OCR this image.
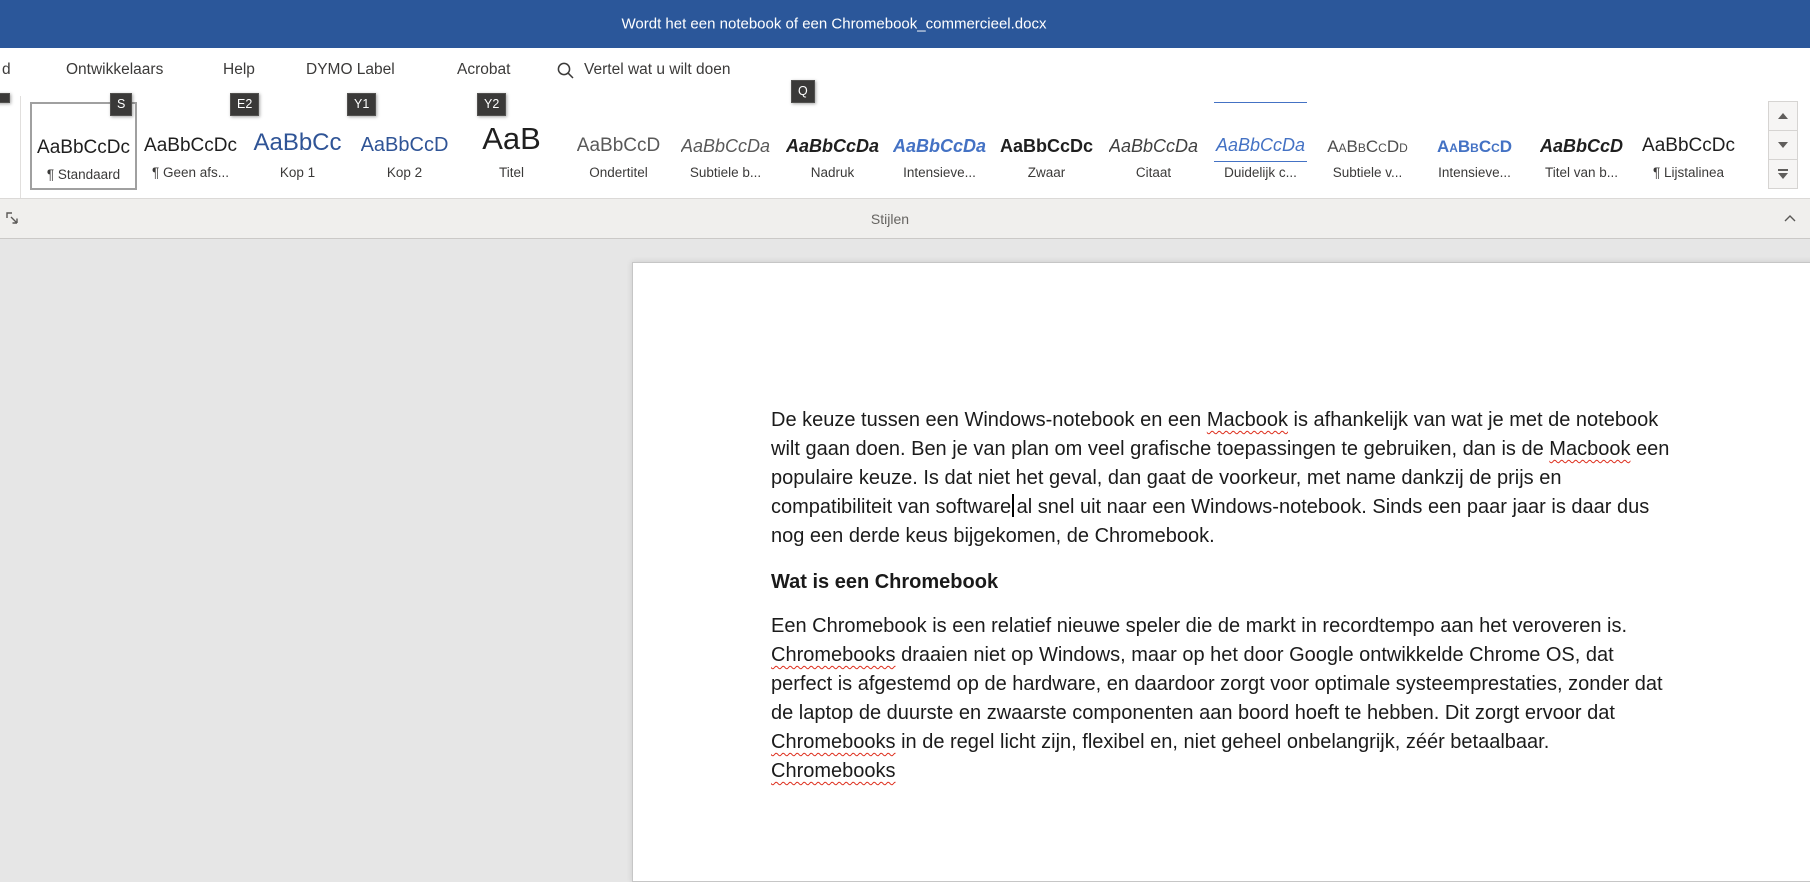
Wordt het een notebook of een Chromebook_commercieel.docx
d	Ontwikkelaars	Help	DYMO Label	Acrobat	Vertel wat u wilt doen
S	E2	Y1	Y2
Q
AaBbCcDc
¶ Standaard
AaBbCcDc
¶ Geen afs...
AaBbCc
Kop 1
AaBbCcD
Kop 2
AaB
Titel
AaBbCcD
Ondertitel
AaBbCcDa
Subtiele b...
AaBbCcDa
Nadruk
AaBbCcDa
Intensieve...
AaBbCcDc
Zwaar
AaBbCcDa
Citaat
AaBbCcDa
Duidelijk c...
AaBbCcDd
Subtiele v...
AaBbCcD
Intensieve...
AaBbCcD
Titel van b...
AaBbCcDc
¶ Lijstalinea
Stijlen
De keuze tussen een Windows-notebook en een Macbook is afhankelijk van wat je met de notebook
wilt gaan doen. Ben je van plan om veel grafische toepassingen te gebruiken, dan is de Macbook een
populaire keuze. Is dat niet het geval, dan gaat de voorkeur, met name dankzij de prijs en
compatibiliteit van software al snel uit naar een Windows-notebook. Sinds een paar jaar is daar dus
nog een derde keus bijgekomen, de Chromebook.
Wat is een Chromebook
Een Chromebook is een relatief nieuwe speler die de markt in recordtempo aan het veroveren is.
Chromebooks draaien niet op Windows, maar op het door Google ontwikkelde Chrome OS, dat
perfect is afgestemd op de hardware, en daardoor zorgt voor optimale systeemprestaties, zonder dat
de laptop de duurste en zwaarste componenten aan boord hoeft te hebben. Dit zorgt ervoor dat
Chromebooks in de regel licht zijn, flexibel en, niet geheel onbelangrijk, zéér betaalbaar.
Chromebooks
